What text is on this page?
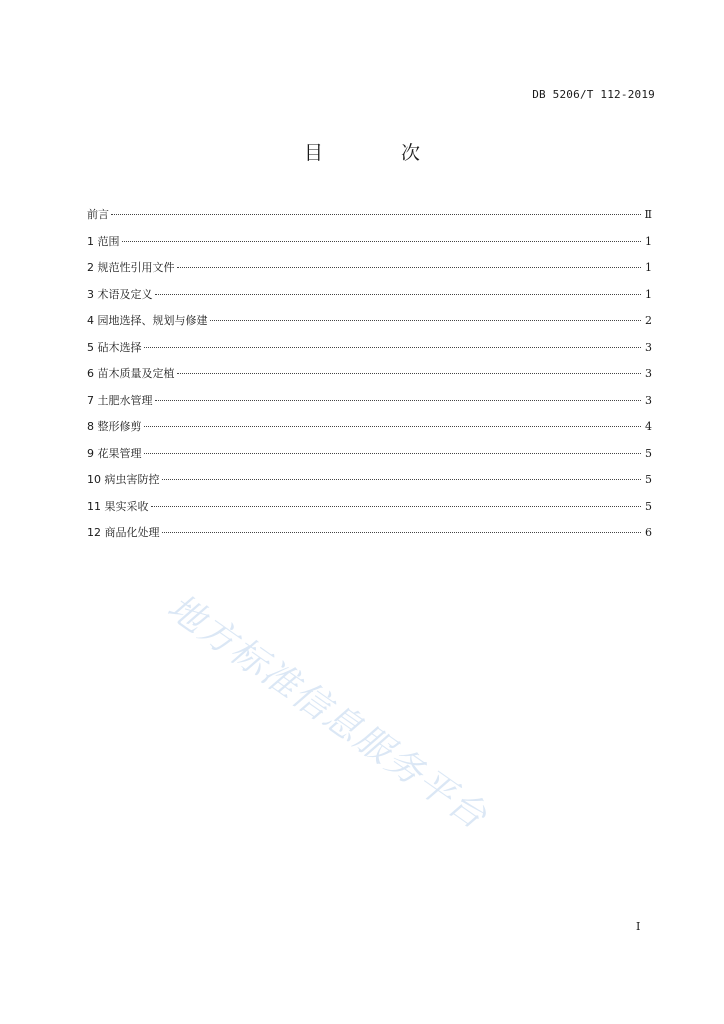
DB 5206/T 112-2019
目 次
前言	Ⅱ
1 范围	1
2 规范性引用文件	1
3 术语及定义	1
4 园地选择、规划与修建	2
5 砧木选择	3
6 苗木质量及定植	3
7 土肥水管理	3
8 整形修剪	4
9 花果管理	5
10 病虫害防控	5
11 果实采收	5
12 商品化处理	6
地方标准信息服务平台
I
